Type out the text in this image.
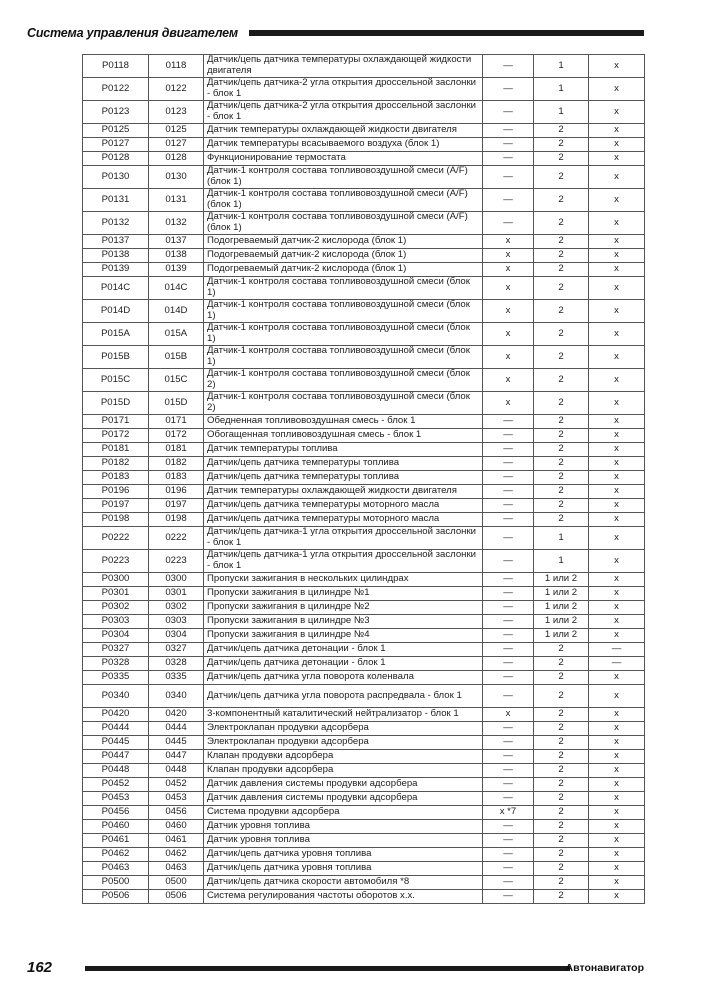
Система управления двигателем
P0118	0118	Датчик/цепь датчика температуры охлаждающей жидкости двигателя	—	1	x
P0122	0122	Датчик/цепь датчика-2 угла открытия дроссельной заслонки - блок 1	—	1	x
P0123	0123	Датчик/цепь датчика-2 угла открытия дроссельной заслонки - блок 1	—	1	x
P0125	0125	Датчик температуры охлаждающей жидкости двигателя	—	2	x
P0127	0127	Датчик температуры всасываемого воздуха (блок 1)	—	2	x
P0128	0128	Функционирование термостата	—	2	x
P0130	0130	Датчик-1 контроля состава топливовоздушной смеси (A/F) (блок 1)	—	2	x
P0131	0131	Датчик-1 контроля состава топливовоздушной смеси (A/F) (блок 1)	—	2	x
P0132	0132	Датчик-1 контроля состава топливовоздушной смеси (A/F) (блок 1)	—	2	x
P0137	0137	Подогреваемый датчик-2 кислорода (блок 1)	x	2	x
P0138	0138	Подогреваемый датчик-2 кислорода (блок 1)	x	2	x
P0139	0139	Подогреваемый датчик-2 кислорода (блок 1)	x	2	x
P014C	014C	Датчик-1 контроля состава топливовоздушной смеси (блок 1)	x	2	x
P014D	014D	Датчик-1 контроля состава топливовоздушной смеси (блок 1)	x	2	x
P015A	015A	Датчик-1 контроля состава топливовоздушной смеси (блок 1)	x	2	x
P015B	015B	Датчик-1 контроля состава топливовоздушной смеси (блок 1)	x	2	x
P015C	015C	Датчик-1 контроля состава топливовоздушной смеси (блок 2)	x	2	x
P015D	015D	Датчик-1 контроля состава топливовоздушной смеси (блок 2)	x	2	x
P0171	0171	Обедненная топливовоздушная смесь - блок 1	—	2	x
P0172	0172	Обогащенная топливовоздушная смесь - блок 1	—	2	x
P0181	0181	Датчик температуры топлива	—	2	x
P0182	0182	Датчик/цепь датчика температуры топлива	—	2	x
P0183	0183	Датчик/цепь датчика температуры топлива	—	2	x
P0196	0196	Датчик температуры охлаждающей жидкости двигателя	—	2	x
P0197	0197	Датчик/цепь датчика температуры моторного масла	—	2	x
P0198	0198	Датчик/цепь датчика температуры моторного масла	—	2	x
P0222	0222	Датчик/цепь датчика-1 угла открытия дроссельной заслонки - блок 1	—	1	x
P0223	0223	Датчик/цепь датчика-1 угла открытия дроссельной заслонки - блок 1	—	1	x
P0300	0300	Пропуски зажигания в нескольких цилиндрах	—	1 или 2	x
P0301	0301	Пропуски зажигания в цилиндре №1	—	1 или 2	x
P0302	0302	Пропуски зажигания в цилиндре №2	—	1 или 2	x
P0303	0303	Пропуски зажигания в цилиндре №3	—	1 или 2	x
P0304	0304	Пропуски зажигания в цилиндре №4	—	1 или 2	x
P0327	0327	Датчик/цепь датчика детонации - блок 1	—	2	—
P0328	0328	Датчик/цепь датчика детонации - блок 1	—	2	—
P0335	0335	Датчик/цепь датчика угла поворота коленвала	—	2	x
P0340	0340	Датчик/цепь датчика угла поворота распредвала - блок 1	—	2	x
P0420	0420	3-компонентный каталитический нейтрализатор - блок 1	x	2	x
P0444	0444	Электроклапан продувки адсорбера	—	2	x
P0445	0445	Электроклапан продувки адсорбера	—	2	x
P0447	0447	Клапан продувки адсорбера	—	2	x
P0448	0448	Клапан продувки адсорбера	—	2	x
P0452	0452	Датчик давления системы продувки адсорбера	—	2	x
P0453	0453	Датчик давления системы продувки адсорбера	—	2	x
P0456	0456	Система продувки адсорбера	x *7	2	x
P0460	0460	Датчик уровня топлива	—	2	x
P0461	0461	Датчик уровня топлива	—	2	x
P0462	0462	Датчик/цепь датчика уровня топлива	—	2	x
P0463	0463	Датчик/цепь датчика уровня топлива	—	2	x
P0500	0500	Датчик/цепь датчика скорости автомобиля *8	—	2	x
P0506	0506	Система регулирования частоты оборотов х.х.	—	2	x
162	Автонавигатор
